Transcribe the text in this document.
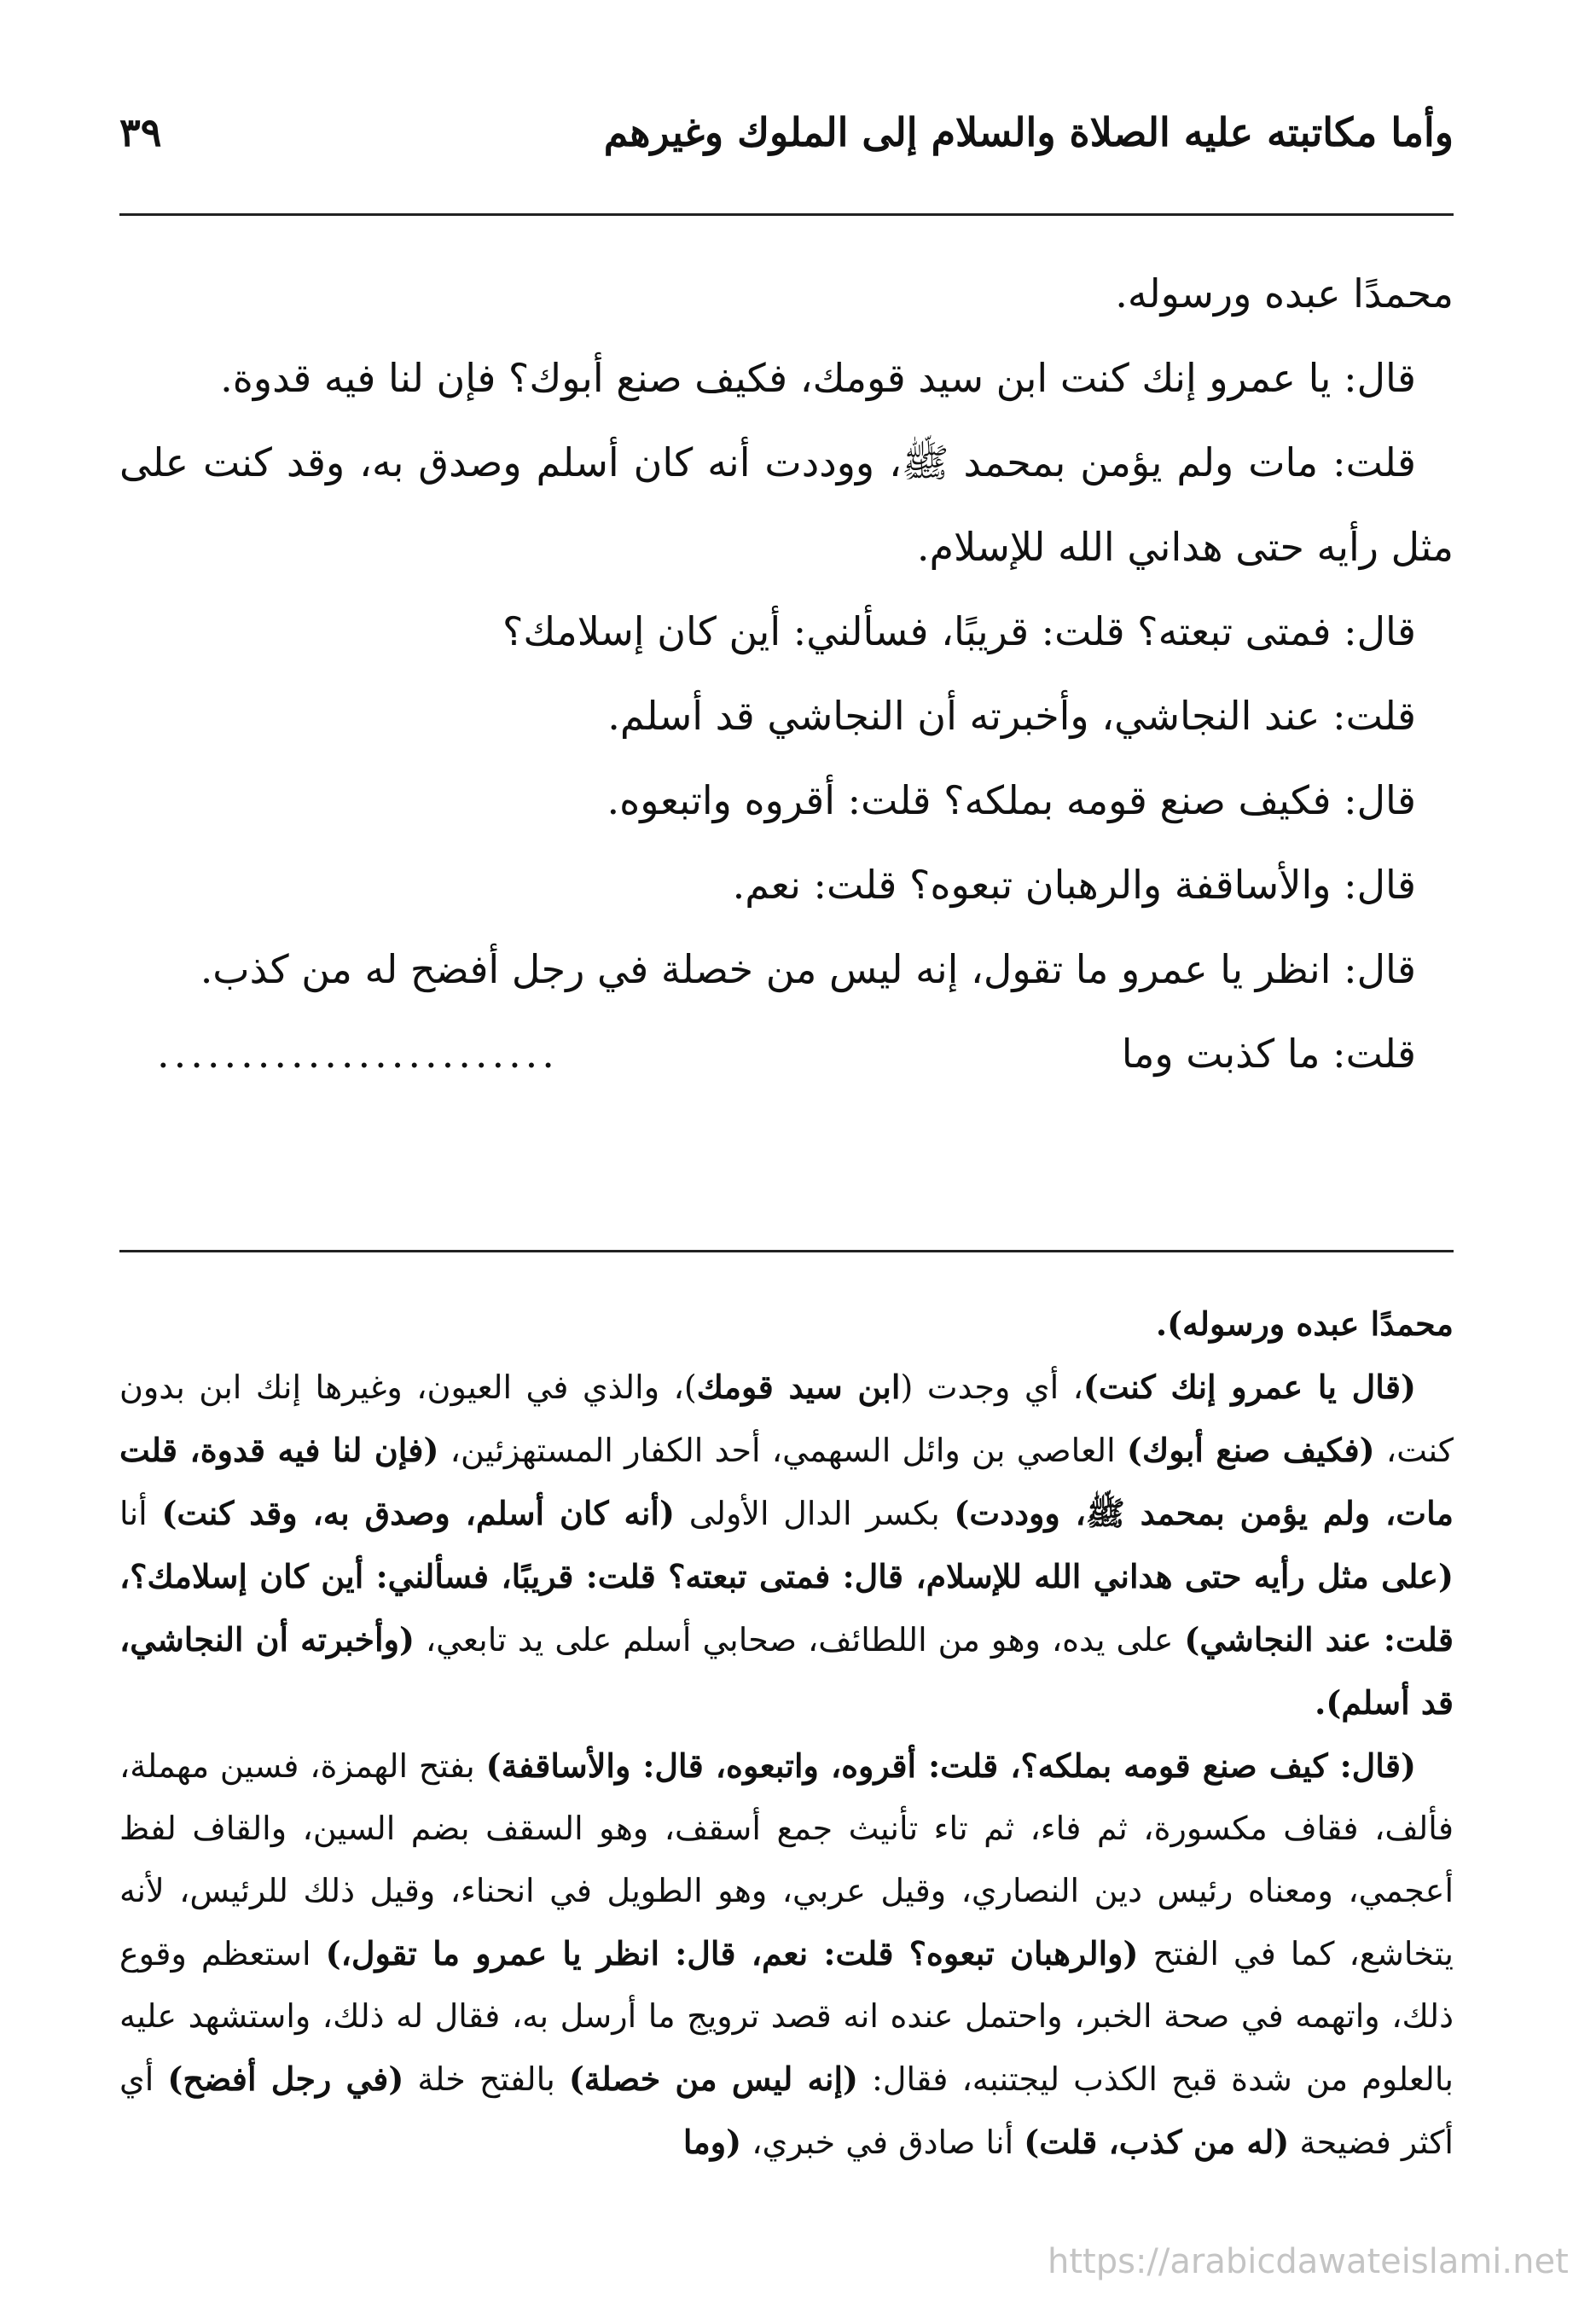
وأما مكاتبته عليه الصلاة والسلام إلى الملوك وغيرهم
٣٩

محمدًا عبده ورسوله.

قال: يا عمرو إنك كنت ابن سيد قومك، فكيف صنع أبوك؟ فإن لنا فيه قدوة.

قلت: مات ولم يؤمن بمحمد ﷺ، ووددت أنه كان أسلم وصدق به، وقد كنت على مثل رأيه حتى هداني الله للإسلام.

قال: فمتى تبعته؟ قلت: قريبًا، فسألني: أين كان إسلامك؟

قلت: عند النجاشي، وأخبرته أن النجاشي قد أسلم.

قال: فكيف صنع قومه بملكه؟ قلت: أقروه واتبعوه.

قال: والأساقفة والرهبان تبعوه؟ قلت: نعم.

قال: انظر يا عمرو ما تقول، إنه ليس من خصلة في رجل أفضح له من كذب.

قلت: ما كذبت وما
........................

محمدًا عبده ورسوله).

(قال يا عمرو إنك كنت)، أي وجدت (ابن سيد قومك)، والذي في العيون، وغيرها إنك ابن بدون كنت، (فكيف صنع أبوك) العاصي بن وائل السهمي، أحد الكفار المستهزئين، (فإن لنا فيه قدوة، قلت مات، ولم يؤمن بمحمد ﷺ، ووددت) بكسر الدال الأولى (أنه كان أسلم، وصدق به، وقد كنت) أنا (على مثل رأيه حتى هداني الله للإسلام، قال: فمتى تبعته؟ قلت: قريبًا، فسألني: أين كان إسلامك؟، قلت: عند النجاشي) على يده، وهو من اللطائف، صحابي أسلم على يد تابعي، (وأخبرته أن النجاشي، قد أسلم).

(قال: كيف صنع قومه بملكه؟، قلت: أقروه، واتبعوه، قال: والأساقفة) بفتح الهمزة، فسين مهملة، فألف، فقاف مكسورة، ثم فاء، ثم تاء تأنيث جمع أسقف، وهو السقف بضم السين، والقاف لفظ أعجمي، ومعناه رئيس دين النصاري، وقيل عربي، وهو الطويل في انحناء، وقيل ذلك للرئيس، لأنه يتخاشع، كما في الفتح (والرهبان تبعوه؟ قلت: نعم، قال: انظر يا عمرو ما تقول،) استعظم وقوع ذلك، واتهمه في صحة الخبر، واحتمل عنده انه قصد ترويج ما أرسل به، فقال له ذلك، واستشهد عليه بالعلوم من شدة قبح الكذب ليجتنبه، فقال: (إنه ليس من خصلة) بالفتح خلة (في رجل أفضح) أي أكثر فضيحة (له من كذب، قلت) أنا صادق في خبري، (وما

https://arabicdawateislami.net
